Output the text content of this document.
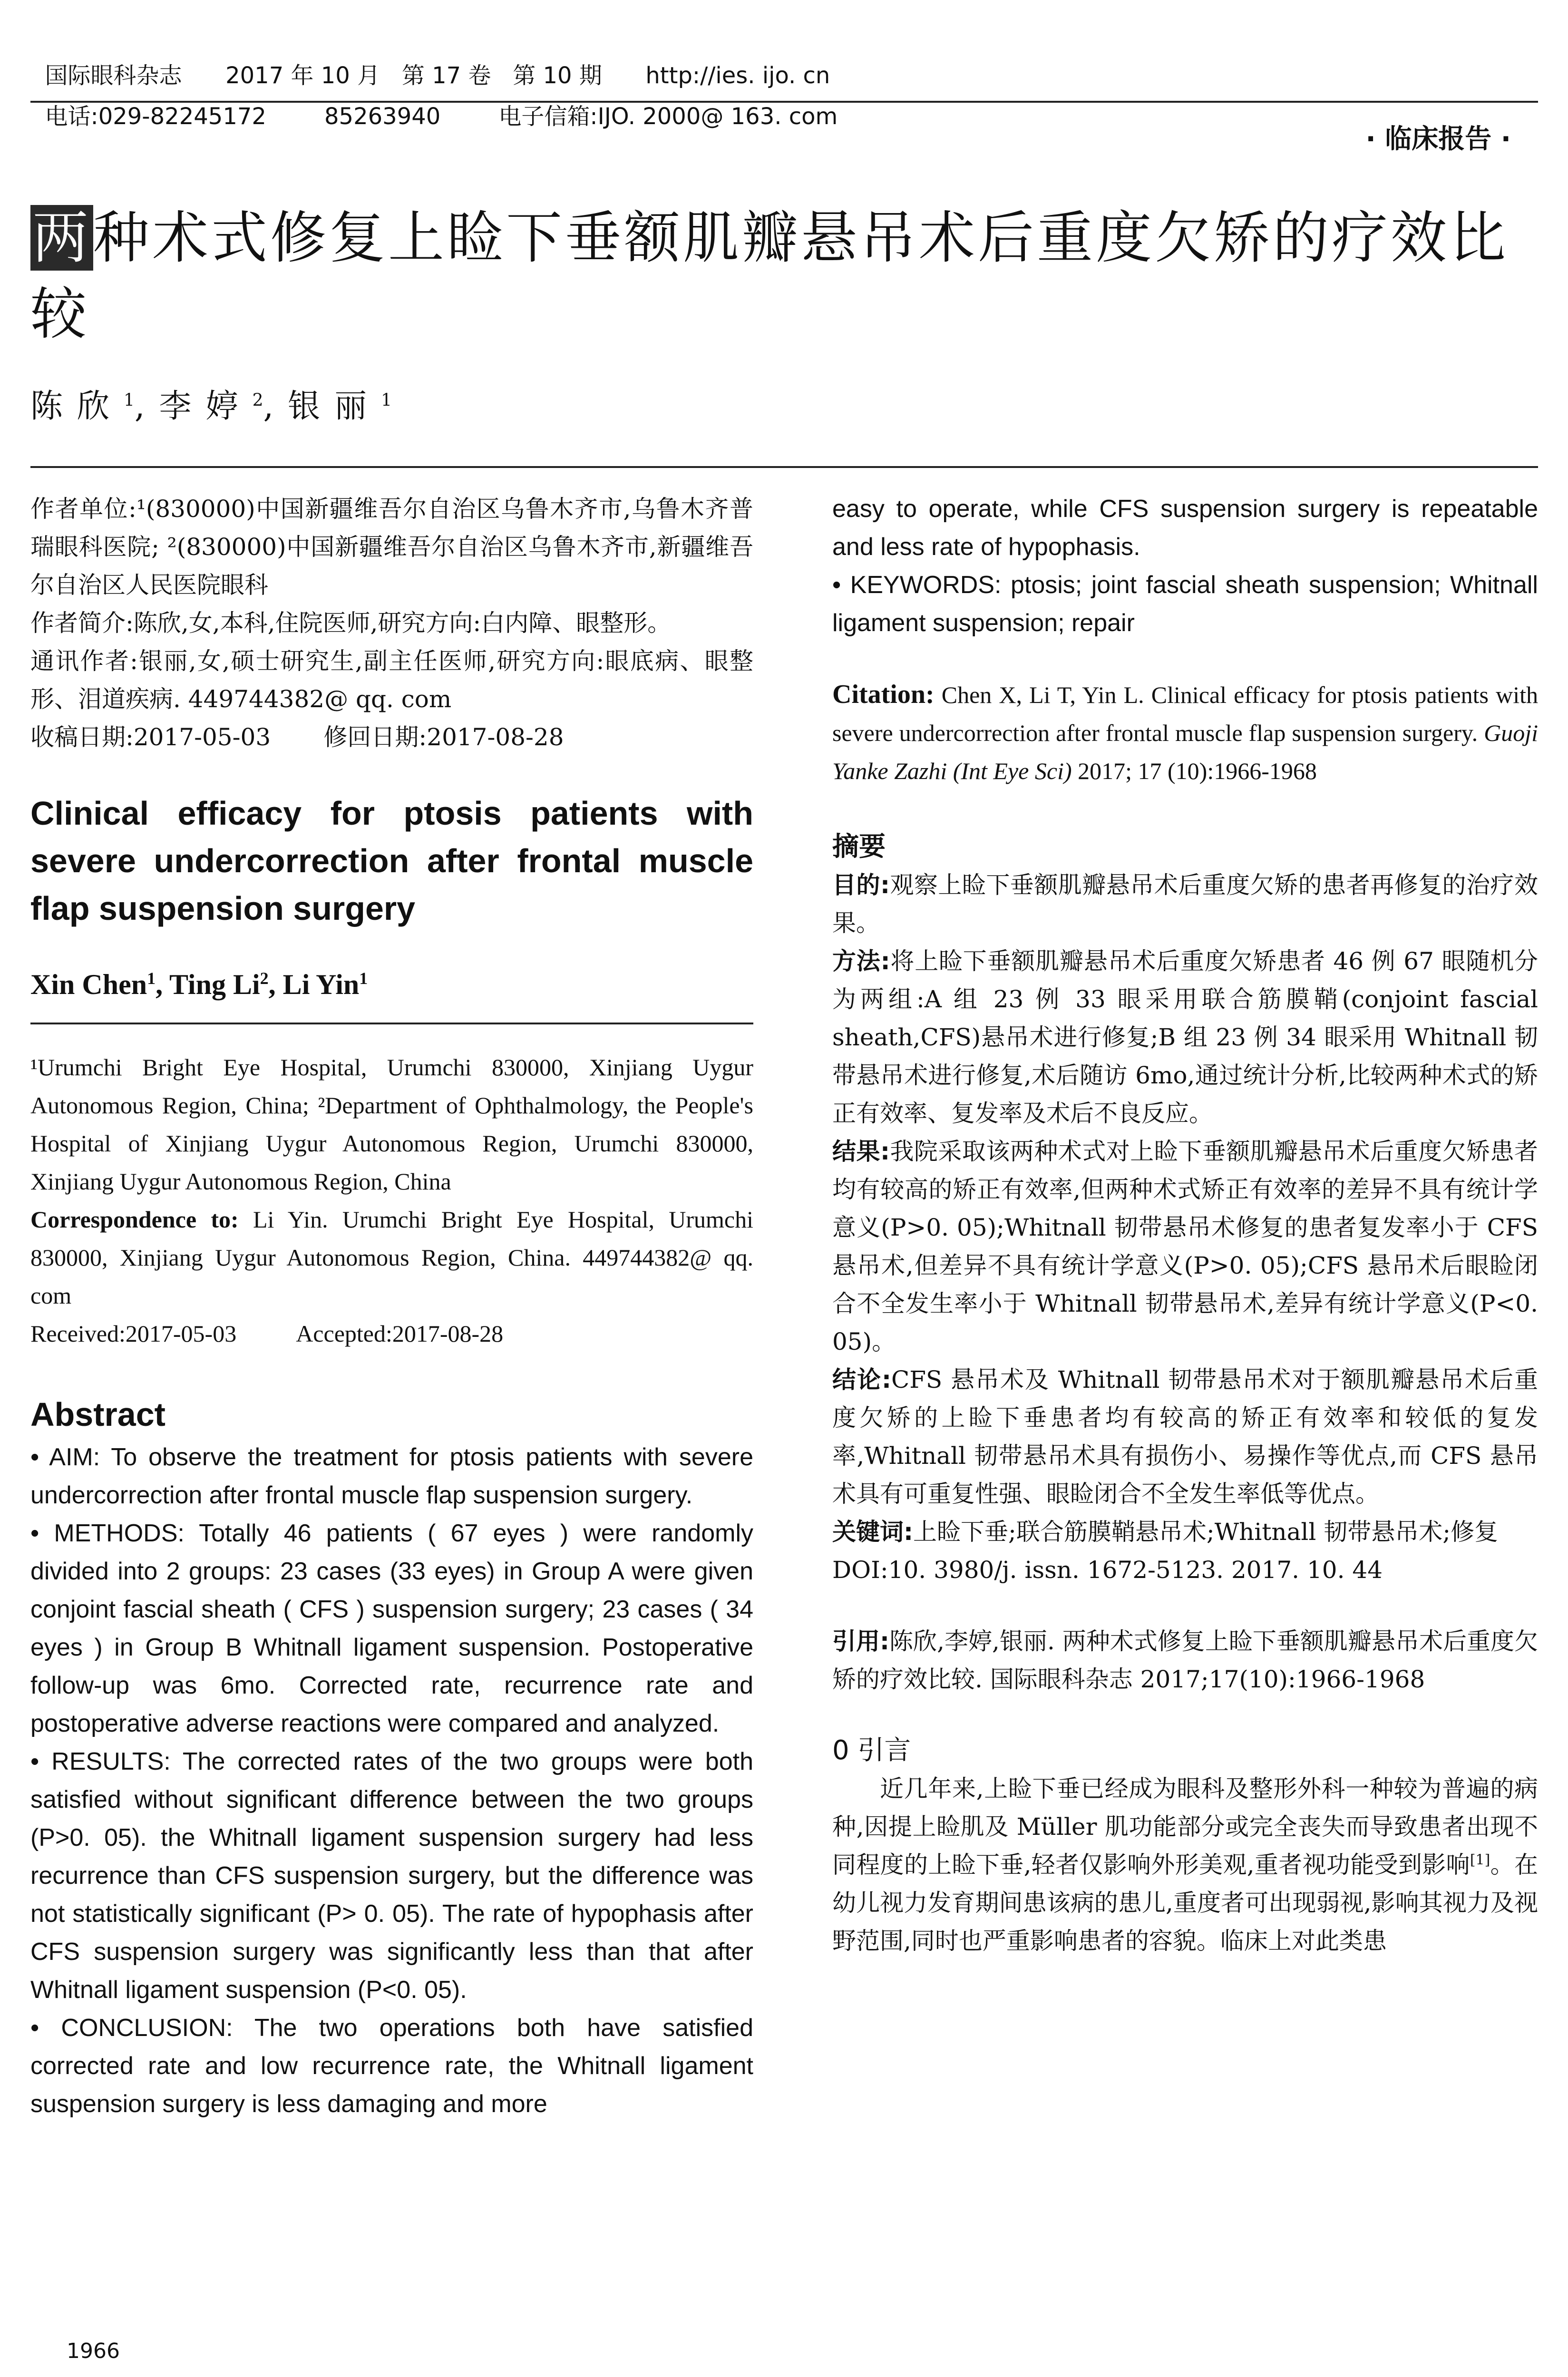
国际眼科杂志 2017 年 10 月   第 17 卷   第 10 期 http://ies. ijo. cn

电话:029-82245172	85263940	电子信箱:IJO. 2000@ 163. com

· 临床报告 ·
两种术式修复上睑下垂额肌瓣悬吊术后重度欠矫的疗效比较
陈欣$^1$,李婷$^2$,银丽$^1$
作者单位:¹(830000)中国新疆维吾尔自治区乌鲁木齐市,乌鲁木齐普瑞眼科医院; ²(830000)中国新疆维吾尔自治区乌鲁木齐市,新疆维吾尔自治区人民医院眼科
作者简介:陈欣,女,本科,住院医师,研究方向:白内障、眼整形。
通讯作者:银丽,女,硕士研究生,副主任医师,研究方向:眼底病、眼整形、泪道疾病. 449744382@ qq. com
收稿日期:2017-05-03 修回日期:2017-08-28
Clinical efficacy for ptosis patients with severe undercorrection after frontal muscle flap suspension surgery
Xin Chen$^1$, Ting Li$^2$, Li Yin$^1$
¹Urumchi Bright Eye Hospital, Urumchi 830000, Xinjiang Uygur Autonomous Region, China; ²Department of Ophthalmology, the People's Hospital of Xinjiang Uygur Autonomous Region, Urumchi 830000, Xinjiang Uygur Autonomous Region, China
Correspondence to: Li Yin. Urumchi Bright Eye Hospital, Urumchi 830000, Xinjiang Uygur Autonomous Region, China. 449744382@ qq. com
Received:2017-05-03	Accepted:2017-08-28
Abstract
• AIM: To observe the treatment for ptosis patients with severe undercorrection after frontal muscle flap suspension surgery.
• METHODS: Totally 46 patients ( 67 eyes ) were randomly divided into 2 groups: 23 cases (33 eyes) in Group A were given conjoint fascial sheath ( CFS ) suspension surgery; 23 cases ( 34 eyes ) in Group B Whitnall ligament suspension. Postoperative follow-up was 6mo. Corrected rate, recurrence rate and postoperative adverse reactions were compared and analyzed.
• RESULTS: The corrected rates of the two groups were both satisfied without significant difference between the two groups (P>0. 05). the Whitnall ligament suspension surgery had less recurrence than CFS suspension surgery, but the difference was not statistically significant (P> 0. 05). The rate of hypophasis after CFS suspension surgery was significantly less than that after Whitnall ligament suspension (P<0. 05).
• CONCLUSION: The two operations both have satisfied corrected rate and low recurrence rate, the Whitnall ligament suspension surgery is less damaging and more
easy to operate, while CFS suspension surgery is repeatable and less rate of hypophasis.
• KEYWORDS: ptosis; joint fascial sheath suspension; Whitnall ligament suspension; repair
Citation: Chen X, Li T, Yin L. Clinical efficacy for ptosis patients with severe undercorrection after frontal muscle flap suspension surgery. Guoji Yanke Zazhi (Int Eye Sci) 2017; 17 (10):1966-1968
摘要
目的:观察上睑下垂额肌瓣悬吊术后重度欠矫的患者再修复的治疗效果。
方法:将上睑下垂额肌瓣悬吊术后重度欠矫患者 46 例 67 眼随机分为两组:A 组 23 例 33 眼采用联合筋膜鞘(conjoint fascial sheath,CFS)悬吊术进行修复;B 组 23 例 34 眼采用 Whitnall 韧带悬吊术进行修复,术后随访 6mo,通过统计分析,比较两种术式的矫正有效率、复发率及术后不良反应。
结果:我院采取该两种术式对上睑下垂额肌瓣悬吊术后重度欠矫患者均有较高的矫正有效率,但两种术式矫正有效率的差异不具有统计学意义(P>0. 05);Whitnall 韧带悬吊术修复的患者复发率小于 CFS 悬吊术,但差异不具有统计学意义(P>0. 05);CFS 悬吊术后眼睑闭合不全发生率小于 Whitnall 韧带悬吊术,差异有统计学意义(P<0. 05)。
结论:CFS 悬吊术及 Whitnall 韧带悬吊术对于额肌瓣悬吊术后重度欠矫的上睑下垂患者均有较高的矫正有效率和较低的复发率,Whitnall 韧带悬吊术具有损伤小、易操作等优点,而 CFS 悬吊术具有可重复性强、眼睑闭合不全发生率低等优点。
关键词:上睑下垂;联合筋膜鞘悬吊术;Whitnall 韧带悬吊术;修复
DOI:10. 3980/j. issn. 1672-5123. 2017. 10. 44
引用:陈欣,李婷,银丽. 两种术式修复上睑下垂额肌瓣悬吊术后重度欠矫的疗效比较. 国际眼科杂志 2017;17(10):1966-1968
0 引言
近几年来,上睑下垂已经成为眼科及整形外科一种较为普遍的病种,因提上睑肌及 Müller 肌功能部分或完全丧失而导致患者出现不同程度的上睑下垂,轻者仅影响外形美观,重者视功能受到影响[1]。在幼儿视力发育期间患该病的患儿,重度者可出现弱视,影响其视力及视野范围,同时也严重影响患者的容貌。临床上对此类患
1966
